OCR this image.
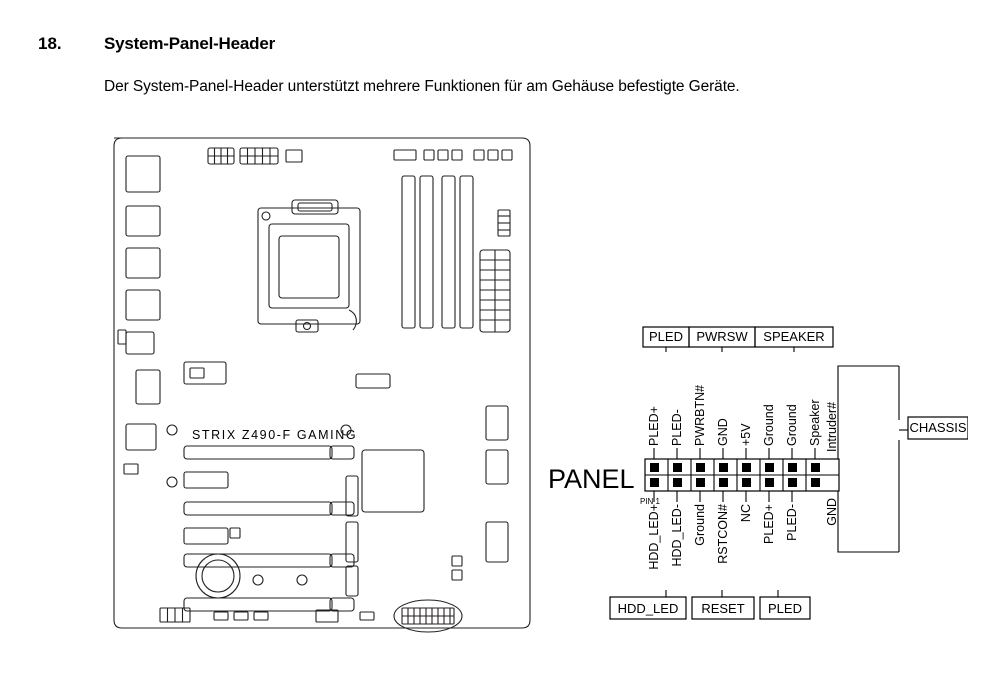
18.	System-Panel-Header
Der System-Panel-Header unterstützt mehrere Funktionen für am Gehäuse befestigte Geräte.
STRIX Z490-F GAMING
PANEL
PIN 1
PLED+ PLED- PWRBTN# GND +5V Ground Ground Speaker
PLED PWRSW SPEAKER
CHASSIS
Intruder#
GND
HDD_LED+ HDD_LED- Ground RSTCON# NC PLED+ PLED-
HDD_LED RESET PLED
